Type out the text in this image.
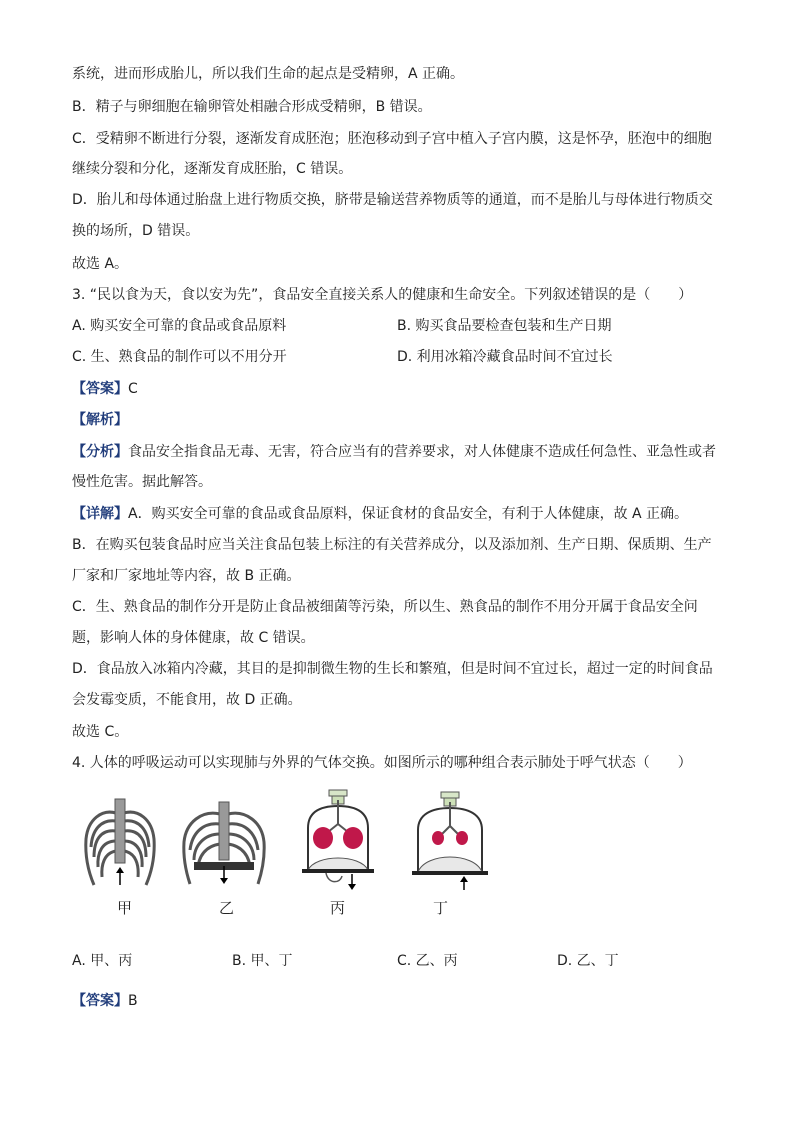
系统，进而形成胎儿，所以我们生命的起点是受精卵，A 正确。
B．精子与卵细胞在输卵管处相融合形成受精卵，B 错误。
C．受精卵不断进行分裂，逐渐发育成胚泡；胚泡移动到子宫中植入子宫内膜，这是怀孕，胚泡中的细胞
继续分裂和分化，逐渐发育成胚胎，C 错误。
D．胎儿和母体通过胎盘上进行物质交换，脐带是输送营养物质等的通道，而不是胎儿与母体进行物质交
换的场所，D 错误。
故选 A。
3. “民以食为天，食以安为先”，食品安全直接关系人的健康和生命安全。下列叙述错误的是（　　）
A. 购买安全可靠的食品或食品原料	B. 购买食品要检查包装和生产日期
C. 生、熟食品的制作可以不用分开	D. 利用冰箱冷藏食品时间不宜过长
【答案】C
【解析】
【分析】食品安全指食品无毒、无害，符合应当有的营养要求，对人体健康不造成任何急性、亚急性或者
慢性危害。据此解答。
【详解】A．购买安全可靠的食品或食品原料，保证食材的食品安全，有利于人体健康，故 A 正确。
B．在购买包装食品时应当关注食品包装上标注的有关营养成分，以及添加剂、生产日期、保质期、生产
厂家和厂家地址等内容，故 B 正确。
C．生、熟食品的制作分开是防止食品被细菌等污染，所以生、熟食品的制作不用分开属于食品安全问
题，影响人体的身体健康，故 C 错误。
D．食品放入冰箱内冷藏，其目的是抑制微生物的生长和繁殖，但是时间不宜过长，超过一定的时间食品
会发霉变质，不能食用，故 D 正确。
故选 C。
4. 人体的呼吸运动可以实现肺与外界的气体交换。如图所示的哪种组合表示肺处于呼气状态（　　）
甲	乙	丙	丁
A. 甲、丙	B. 甲、丁	C. 乙、丙	D. 乙、丁
【答案】B
